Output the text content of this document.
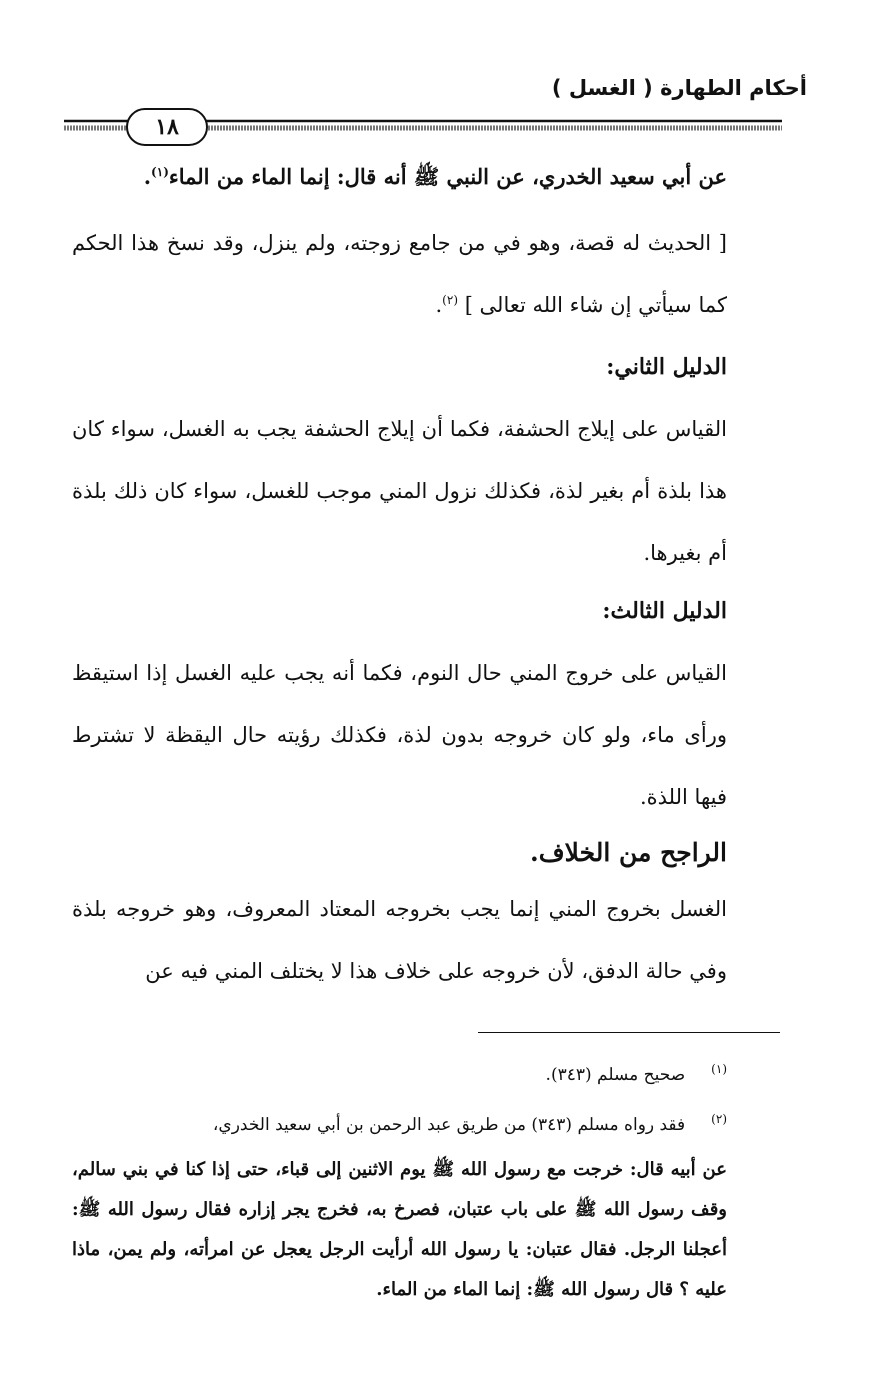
أحكام الطهارة ( الغسل )
١٨
عن أبي سعيد الخدري، عن النبي ﷺ أنه قال: إنما الماء من الماء$^{(١)}$.
[ الحديث له قصة، وهو في من جامع زوجته، ولم ينزل، وقد نسخ هذا الحكم كما سيأتي إن شاء الله تعالى ] $^{(٢)}$.
الدليل الثاني:
القياس على إيلاج الحشفة، فكما أن إيلاج الحشفة يجب به الغسل، سواء كان هذا بلذة أم بغير لذة، فكذلك نزول المني موجب للغسل، سواء كان ذلك بلذة أم بغيرها.
الدليل الثالث:
القياس على خروج المني حال النوم، فكما أنه يجب عليه الغسل إذا استيقظ ورأى ماء، ولو كان خروجه بدون لذة، فكذلك رؤيته حال اليقظة لا تشترط فيها اللذة.
الراجح من الخلاف.
الغسل بخروج المني إنما يجب بخروجه المعتاد المعروف، وهو خروجه بلذة وفي حالة الدفق، لأن خروجه على خلاف هذا لا يختلف المني فيه عن
(١)صحيح مسلم (٣٤٣).
(٢)فقد رواه مسلم (٣٤٣) من طريق عبد الرحمن بن أبي سعيد الخدري،
عن أبيه قال: خرجت مع رسول الله ﷺ يوم الاثنين إلى قباء، حتى إذا كنا في بني سالم، وقف رسول الله ﷺ على باب عتبان، فصرخ به، فخرج يجر إزاره فقال رسول الله ﷺ: أعجلنا الرجل. فقال عتبان: يا رسول الله أرأيت الرجل يعجل عن امرأته، ولم يمن، ماذا عليه ؟ قال رسول الله ﷺ: إنما الماء من الماء.
